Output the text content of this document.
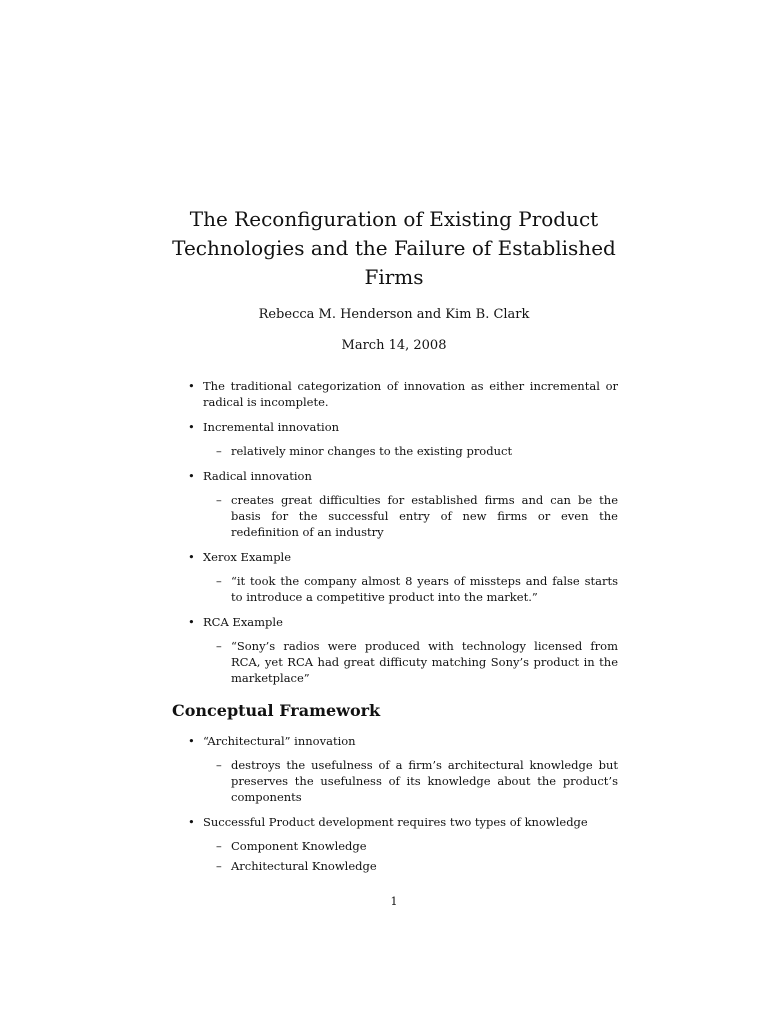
The Reconfiguration of Existing Product Technologies and the Failure of Established Firms
Rebecca M. Henderson and Kim B. Clark
March 14, 2008
• The traditional categorization of innovation as either incremental or radical is incomplete.
• Incremental innovation
– relatively minor changes to the existing product
• Radical innovation
– creates great difficulties for established firms and can be the basis for the successful entry of new firms or even the redefinition of an industry
• Xerox Example
– “it took the company almost 8 years of missteps and false starts to introduce a competitive product into the market.”
• RCA Example
– “Sony’s radios were produced with technology licensed from RCA, yet RCA had great difficuty matching Sony’s product in the marketplace”
Conceptual Framework
• “Architectural” innovation
– destroys the usefulness of a firm’s architectural knowledge but preserves the usefulness of its knowledge about the product’s components
• Successful Product development requires two types of knowledge
– Component Knowledge
– Architectural Knowledge
1
